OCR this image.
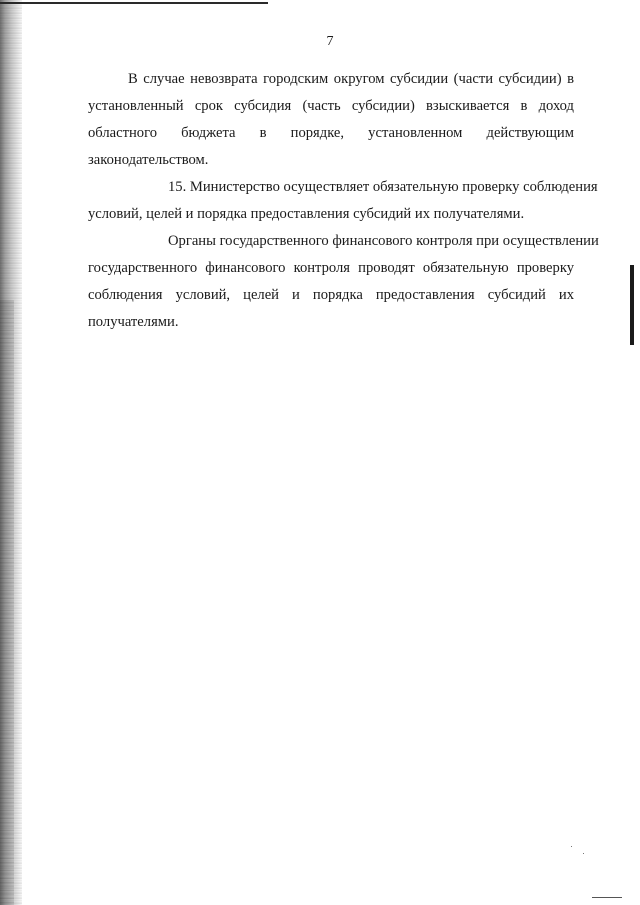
7

В случае невозврата городским округом субсидии (части субсидии) в
установленный срок субсидия (часть субсидии) взыскивается в доход
областного бюджета в порядке, установленном действующим
законодательством.

15. Министерство осуществляет обязательную проверку соблюдения
условий, целей и порядка предоставления субсидий их получателями.

Органы государственного финансового контроля при осуществлении
государственного финансового контроля проводят обязательную проверку
соблюдения условий, целей и порядка предоставления субсидий их
получателями.
